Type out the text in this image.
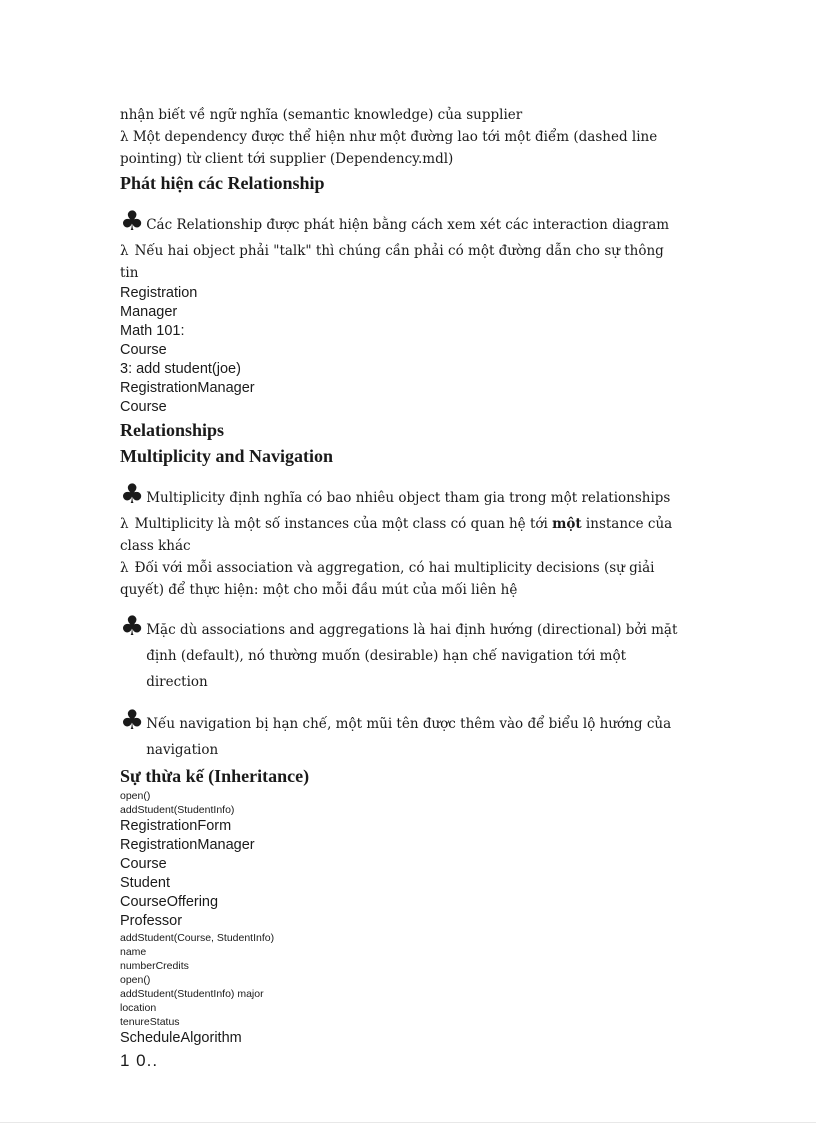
nhận biết về ngữ nghĩa (semantic knowledge) của supplier

λ Một dependency được thể hiện như một đường lao tới một điểm (dashed line pointing) từ client tới supplier (Dependency.mdl)

Phát hiện các Relationship
♣ Các Relationship được phát hiện bằng cách xem xét các interaction diagram

λ Nếu hai object phải "talk" thì chúng cần phải có một đường dẫn cho sự thông tin

Registration
Manager
Math 101:
Course
3: add student(joe)
RegistrationManager
Course
Relationships
Multiplicity and Navigation
♣ Multiplicity định nghĩa có bao nhiêu object tham gia trong một relationships

λ Multiplicity là một số instances của một class có quan hệ tới một instance của class khác

λ Đối với mỗi association và aggregation, có hai multiplicity decisions (sự giải quyết) để thực hiện: một cho mỗi đầu mút của mối liên hệ

♣ Mặc dù associations and aggregations là hai định hướng (directional) bởi mặt định (default), nó thường muốn (desirable) hạn chế navigation tới một direction
♣ Nếu navigation bị hạn chế, một mũi tên được thêm vào để biểu lộ hướng của navigation
Sự thừa kế (Inheritance)
open()
addStudent(StudentInfo)
RegistrationForm
RegistrationManager
Course
Student
CourseOffering
Professor
addStudent(Course, StudentInfo)
name
numberCredits
open()
addStudent(StudentInfo) major
location
tenureStatus
ScheduleAlgorithm
1 0..
